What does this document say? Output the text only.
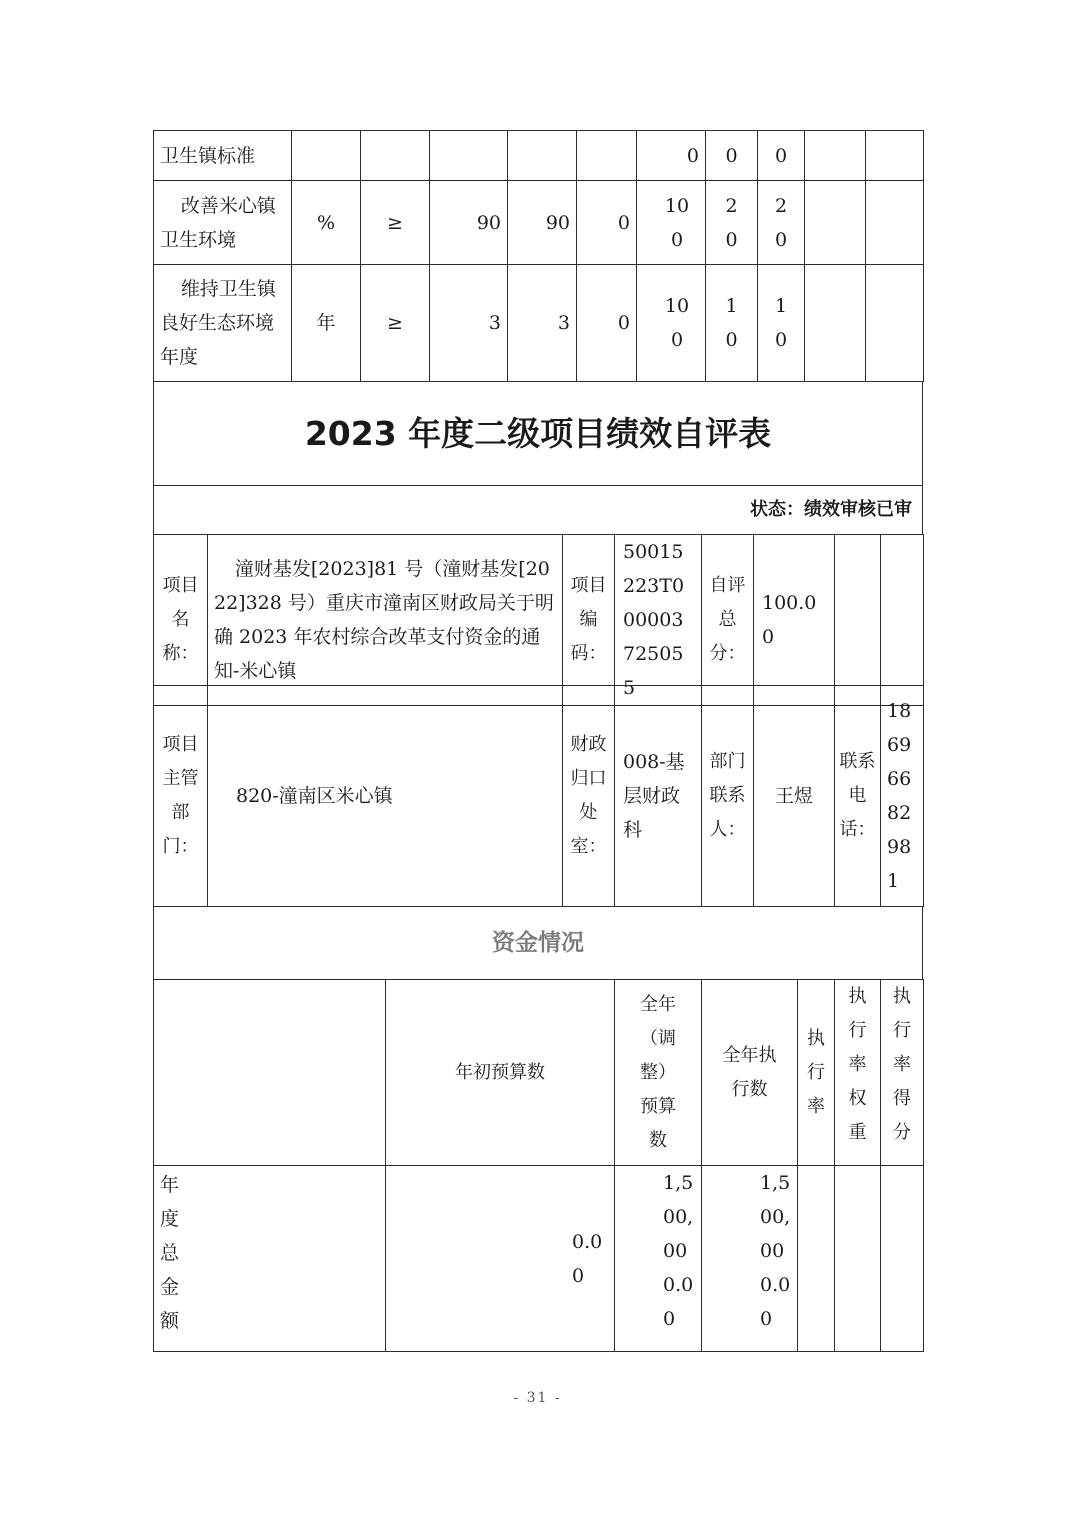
卫生镇标准						0	0	0		
改善米心镇卫生环境	%	≥	90	90	0	100	20	20		
维持卫生镇良好生态环境年度	年	≥	3	3	0	100	10	10		
2023 年度二级项目绩效自评表
状态：绩效审核已审
项目名称：	潼财基发[2023]81 号（潼财基发[2022]328 号）重庆市潼南区财政局关于明确 2023 年农村综合改革支付资金的通知-米心镇	项目编码：	50015223T000003725055	自评总分：	100.00		
项目主管部门：	820-潼南区米心镇	财政归口处室：	008-基层财政科	部门联系人：	王煜	联系电话：	18696682981
资金情况
	年初预算数	全年（调整）预算数	全年执行数	执行率	执行率权重	执行率得分
年度总金额	0.00	1,500,000.00	1,500,000.00			
- 31 -
